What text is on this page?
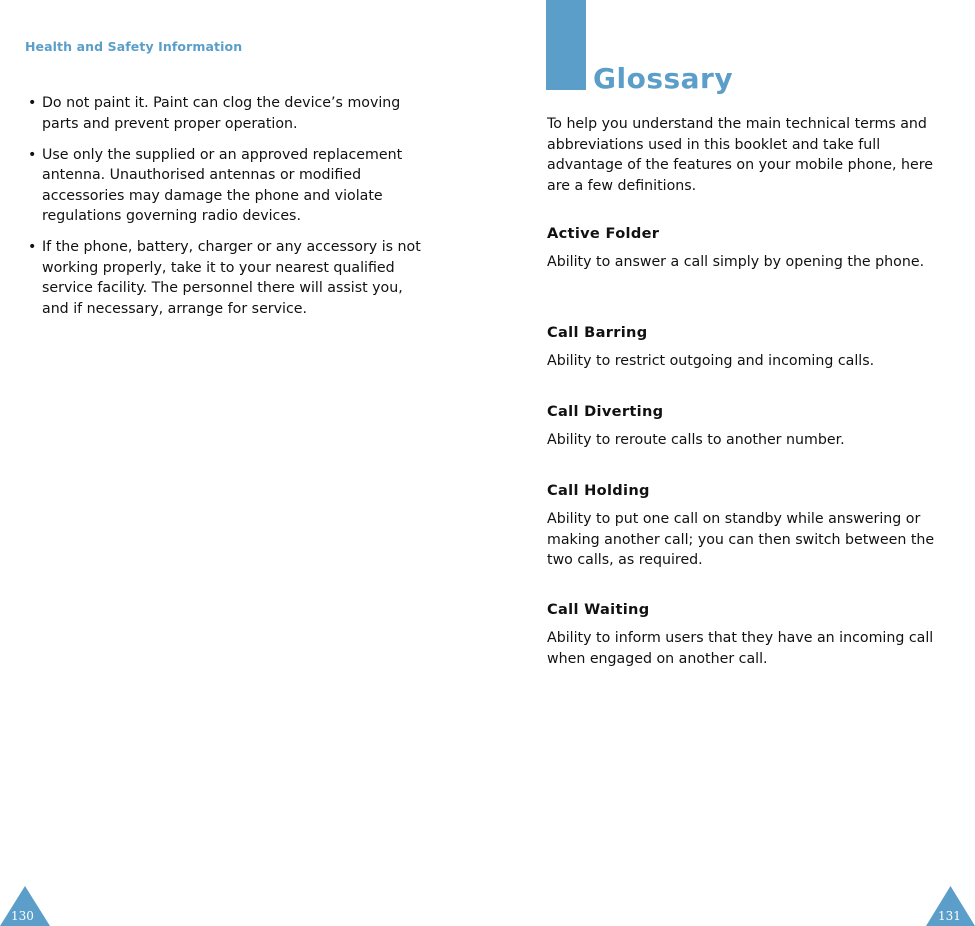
Health and Safety Information
• Do not paint it. Paint can clog the device’s moving parts and prevent proper operation.
• Use only the supplied or an approved replacement antenna. Unauthorised antennas or modified accessories may damage the phone and violate regulations governing radio devices.
• If the phone, battery, charger or any accessory is not working properly, take it to your nearest qualified service facility. The personnel there will assist you, and if necessary, arrange for service.
130
Glossary
To help you understand the main technical terms and abbreviations used in this booklet and take full advantage of the features on your mobile phone, here are a few definitions.
Active Folder
Ability to answer a call simply by opening the phone.
Call Barring
Ability to restrict outgoing and incoming calls.
Call Diverting
Ability to reroute calls to another number.
Call Holding
Ability to put one call on standby while answering or making another call; you can then switch between the two calls, as required.
Call Waiting
Ability to inform users that they have an incoming call when engaged on another call.
131
